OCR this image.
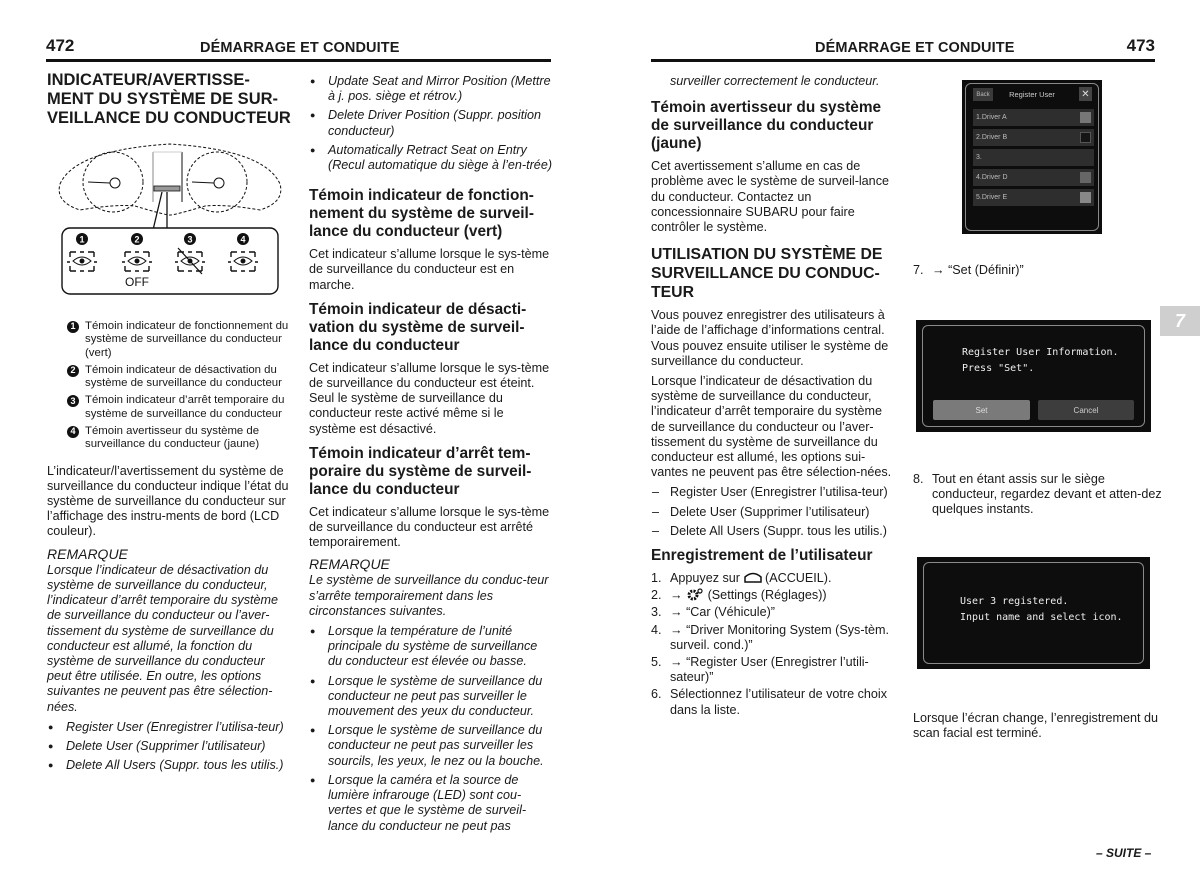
472	DÉMARRAGE ET CONDUITE
INDICATEUR/AVERTISSE-
MENT DU SYSTÈME DE SUR-
VEILLANCE DU CONDUCTEUR
1	2
OFF
3	4
1 Témoin indicateur de fonctionnement du système de surveillance du conducteur (vert)
2 Témoin indicateur de désactivation du système de surveillance du conducteur
3 Témoin indicateur d’arrêt temporaire du système de surveillance du conducteur
4 Témoin avertisseur du système de surveillance du conducteur (jaune)

L’indicateur/l’avertissement du système de surveillance du conducteur indique l’état du système de surveillance du conducteur sur l’affichage des instru-ments de bord (LCD couleur).

REMARQUE

Lorsque l’indicateur de désactivation du système de surveillance du conducteur, l’indicateur d’arrêt temporaire du système de surveillance du conducteur ou l’aver-tissement du système de surveillance du conducteur est allumé, la fonction du système de surveillance du conducteur peut être utilisée. En outre, les options suivantes ne peuvent pas être sélection-nées.

● Register User (Enregistrer l’utilisa-teur)
● Delete User (Supprimer l’utilisateur)
● Delete All Users (Suppr. tous les utilis.)
● Update Seat and Mirror Position (Mettre à j. pos. siège et rétrov.)
● Delete Driver Position (Suppr. position conducteur)
● Automatically Retract Seat on Entry (Recul automatique du siège à l’en-trée)
Témoin indicateur de fonction-nement du système de surveil-lance du conducteur (vert)

Cet indicateur s’allume lorsque le sys-tème de surveillance du conducteur est en marche.

Témoin indicateur de désacti-vation du système de surveil-lance du conducteur

Cet indicateur s’allume lorsque le sys-tème de surveillance du conducteur est éteint. Seul le système de surveillance du conducteur reste activé même si le système est désactivé.

Témoin indicateur d’arrêt tem-poraire du système de surveil-lance du conducteur

Cet indicateur s’allume lorsque le sys-tème de surveillance du conducteur est arrêté temporairement.

REMARQUE

Le système de surveillance du conduc-teur s’arrête temporairement dans les circonstances suivantes.

● Lorsque la température de l’unité principale du système de surveillance du conducteur est élevée ou basse.
● Lorsque le système de surveillance du conducteur ne peut pas surveiller le mouvement des yeux du conducteur.
● Lorsque le système de surveillance du conducteur ne peut pas surveiller les sourcils, les yeux, le nez ou la bouche.
● Lorsque la caméra et la source de lumière infrarouge (LED) sont cou-vertes et que le système de surveil-lance du conducteur ne peut pas
DÉMARRAGE ET CONDUITE	473

surveiller correctement le conducteur.

Témoin avertisseur du système de surveillance du conducteur (jaune)

Cet avertissement s’allume en cas de problème avec le système de surveil-lance du conducteur. Contactez un concessionnaire SUBARU pour faire contrôler le système.

UTILISATION DU SYSTÈME DE SURVEILLANCE DU CONDUC-TEUR

Vous pouvez enregistrer des utilisateurs à l’aide de l’affichage d’informations central. Vous pouvez ensuite utiliser le système de surveillance du conducteur.

Lorsque l’indicateur de désactivation du système de surveillance du conducteur, l’indicateur d’arrêt temporaire du système de surveillance du conducteur ou l’aver-tissement du système de surveillance du conducteur est allumé, les options sui-vantes ne peuvent pas être sélection-nées.

– Register User (Enregistrer l’utilisa-teur)
– Delete User (Supprimer l’utilisateur)
– Delete All Users (Suppr. tous les utilis.)
Enregistrement de l’utilisateur
1. Appuyez sur  (ACCUEIL).
2. →  (Settings (Réglages))
3. → “Car (Véhicule)”
4. → “Driver Monitoring System (Sys-tèm. surveil. cond.)”
5. → “Register User (Enregistrer l’utili-sateur)”
6. Sélectionnez l’utilisateur de votre choix dans la liste.
Back	Register User	✕
1.Driver A
2.Driver B
3.
4.Driver D
5.Driver E
7. → “Set (Définir)”
Register User Information.
Press "Set".
Set	Cancel
8. Tout en étant assis sur le siège conducteur, regardez devant et atten-dez quelques instants.
User 3 registered.
Input name and select icon.

Lorsque l’écran change, l’enregistrement du scan facial est terminé.

7
– SUITE –
